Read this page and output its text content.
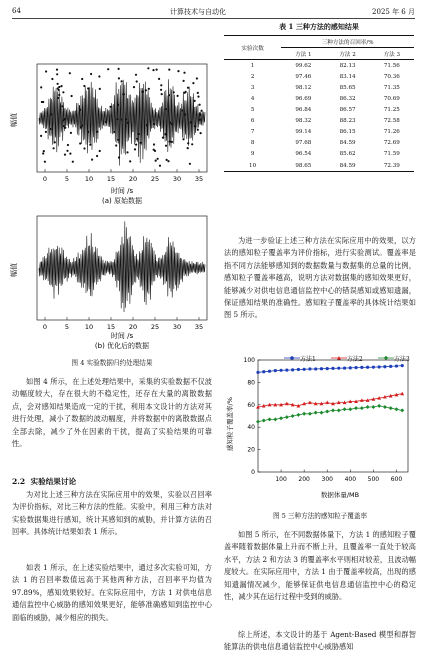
64	计算技术与自动化	2025 年 6 月
幅值
0	5 10 15 20 25 30 35
时间 /s
(a) 原始数据
幅值
0	5 10 15 20 25 30 35
时间 /s
(b) 优化后的数据
图 4 实验数据归约处理结果
如图 4 所示，在上述处理结果中，采集的实验数据不仅波动幅度较大，存在很大的不稳定性，还存在大量的离散数据点，会对感知结果造成一定的干扰，利用本文设计的方法对其进行处理，减小了数据的波动幅度，并将数据中的离散数据点全部去除，减少了外在因素的干扰，提高了实验结果的可靠性。
2.2 实验结果讨论
为对比上述三种方法在实际应用中的效果，实验以召回率为评价指标，对比三种方法的性能。实验中，利用三种方法对实验数据集进行感知，统计其感知到的威胁，并计算方法的召回率。具体统计结果如表 1 所示。
如表 1 所示，在上述实验结果中，通过多次实验可知，方法 1 的召回率数值远高于其他两种方法，召回率平均值为 97.89%，感知效果较好。在实际应用中，方法 1 对供电信息通信监控中心威胁的感知效果更好，能够准确感知到监控中心面临的威胁，减少相应的损失。
表 1 三种方法的感知结果
实验次数	三种方法的召回率/%		
	方法 1	方法 2	方法 3
1	99.62	82.13	71.56
2	97.46	83.14	70.36
3	98.12	85.65	71.35
4	96.69	86.32	70.69
5	96.84	86.57	71.25
6	98.32	88.23	72.58
7	99.14	86.15	71.26
8	97.68	84.59	72.69
9	96.54	85.62	71.59
10	98.65	84.59	72.39
为进一步验证上述三种方法在实际应用中的效果，以方法的感知粒子覆盖率为评价指标，进行实验测试。覆盖率是指不同方法能够感知到的数据数量与数据集的总量的比例，感知粒子覆盖率越高，说明方法对数据集的感知效果更好，能够减少对供电信息通信监控中心的错误感知或感知遗漏，保证感知结果的准确性。感知粒子覆盖率的具体统计结果如图 5 所示。
方法1
	方法2
	方法3
感知粒子覆盖率/%
数据体量/MB
0
20
40
60
80
100
100 200 300 400 500 600
图 5 三种方法的感知粒子覆盖率
如图 5 所示，在不同数据体量下，方法 1 的感知粒子覆盖率随着数据体量上升而不断上升，且覆盖率一直处于较高水平，方法 2 和方法 3 的覆盖率水平则相对较差，且波动幅度较大。在实际应用中，方法 1 由于覆盖率较高，出现的感知遗漏情况减少，能够保证供电信息通信监控中心的稳定性，减少其在运行过程中受到的威胁。
综上所述，本文设计的基于 Agent-Based 模型和群智能算法的供电信息通信监控中心威胁感知
